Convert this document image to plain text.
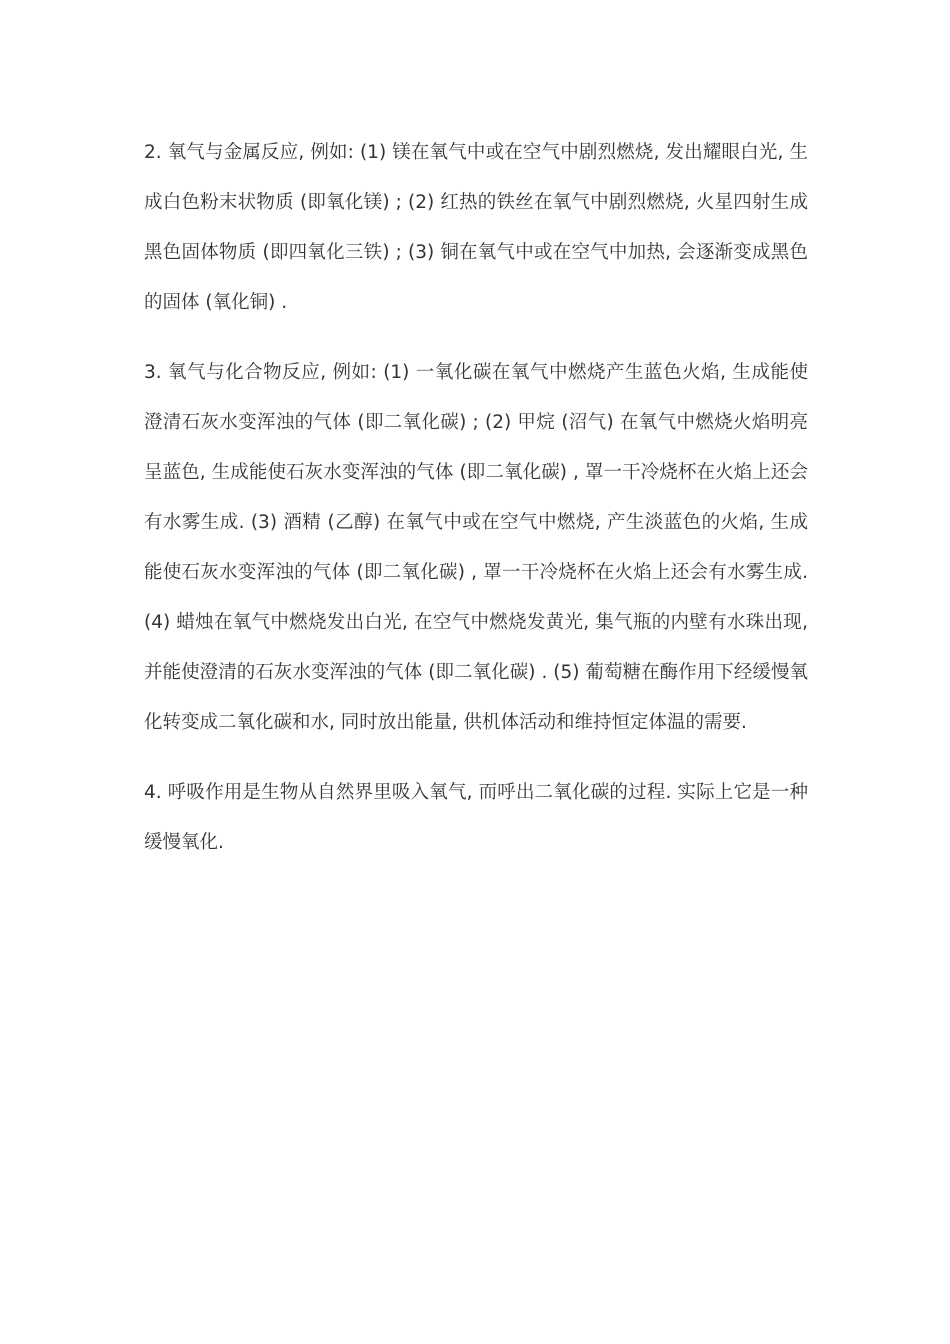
2. 氧气与金属反应, 例如: (1) 镁在氧气中或在空气中剧烈燃烧, 发出耀眼白光, 生成白色粉末状物质 (即氧化镁) ; (2) 红热的铁丝在氧气中剧烈燃烧, 火星四射生成黑色固体物质 (即四氧化三铁) ; (3) 铜在氧气中或在空气中加热, 会逐渐变成黑色的固体 (氧化铜) .

3. 氧气与化合物反应, 例如: (1) 一氧化碳在氧气中燃烧产生蓝色火焰, 生成能使澄清石灰水变浑浊的气体 (即二氧化碳) ; (2) 甲烷 (沼气) 在氧气中燃烧火焰明亮呈蓝色, 生成能使石灰水变浑浊的气体 (即二氧化碳) , 罩一干冷烧杯在火焰上还会有水雾生成. (3) 酒精 (乙醇) 在氧气中或在空气中燃烧, 产生淡蓝色的火焰, 生成能使石灰水变浑浊的气体 (即二氧化碳) , 罩一干冷烧杯在火焰上还会有水雾生成. (4) 蜡烛在氧气中燃烧发出白光, 在空气中燃烧发黄光, 集气瓶的内壁有水珠出现, 并能使澄清的石灰水变浑浊的气体 (即二氧化碳) . (5) 葡萄糖在酶作用下经缓慢氧化转变成二氧化碳和水, 同时放出能量, 供机体活动和维持恒定体温的需要.

4. 呼吸作用是生物从自然界里吸入氧气, 而呼出二氧化碳的过程. 实际上它是一种缓慢氧化.
